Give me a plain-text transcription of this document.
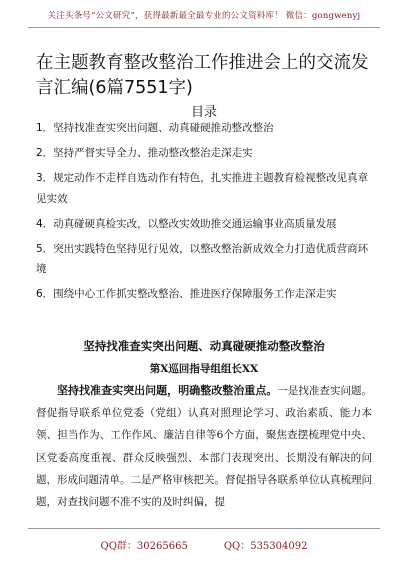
关注头条号“公文研究”，获得最新最全最专业的公文资料库！ 微信：gongwenyj
在主题教育整改整治工作推进会上的交流发言汇编(6篇7551字)
目录
1．坚持找准查实突出问题、动真碰硬推动整改整治
2．坚持严督实导全力、推动整改整治走深走实
3．规定动作不走样自选动作有特色，扎实推进主题教育检视整改见真章见实效
4．动真碰硬真检实改，以整改实效助推交通运输事业高质量发展
5．突出实践特色坚持见行见效，以整改整治新成效全力打造优质营商环境
6．围绕中心工作抓实整改整治、推进医疗保障服务工作走深走实
坚持找准查实突出问题、动真碰硬推动整改整治
第X巡回指导组组长XX

坚持找准查实突出问题，明确整改整治重点。一是找准查实问题。督促指导联系单位党委（党组）认真对照理论学习、政治素质、能力本领、担当作为、工作作风、廉洁自律等6个方面，聚焦查摆梳理党中央、区党委高度重视、群众反映强烈、本部门表现突出、长期没有解决的问题，形成问题清单。二是严格审核把关。督促指导各联系单位认真梳理问题，对查找问题不准不实的及时纠偏，提

QQ群：30265665	QQ：535304092
